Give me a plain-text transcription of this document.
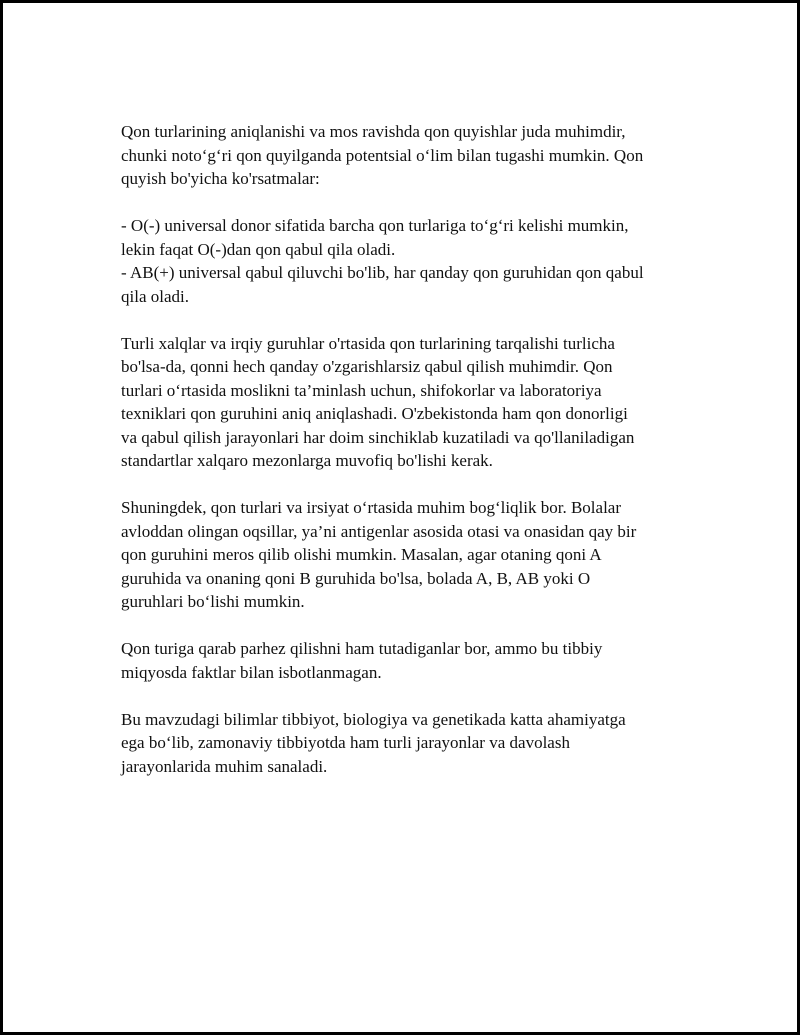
Qon turlarining aniqlanishi va mos ravishda qon quyishlar juda muhimdir,
chunki noto‘g‘ri qon quyilganda potentsial o‘lim bilan tugashi mumkin. Qon
quyish bo'yicha ko'rsatmalar:

- O(-) universal donor sifatida barcha qon turlariga to‘g‘ri kelishi mumkin,
lekin faqat O(-)dan qon qabul qila oladi.
- AB(+) universal qabul qiluvchi bo'lib, har qanday qon guruhidan qon qabul
qila oladi.

Turli xalqlar va irqiy guruhlar o'rtasida qon turlarining tarqalishi turlicha
bo'lsa-da, qonni hech qanday o'zgarishlarsiz qabul qilish muhimdir. Qon
turlari o‘rtasida moslikni ta’minlash uchun, shifokorlar va laboratoriya
texniklari qon guruhini aniq aniqlashadi. O'zbekistonda ham qon donorligi
va qabul qilish jarayonlari har doim sinchiklab kuzatiladi va qo'llaniladigan
standartlar xalqaro mezonlarga muvofiq bo'lishi kerak.

Shuningdek, qon turlari va irsiyat o‘rtasida muhim bog‘liqlik bor. Bolalar
avloddan olingan oqsillar, ya’ni antigenlar asosida otasi va onasidan qay bir
qon guruhini meros qilib olishi mumkin. Masalan, agar otaning qoni A
guruhida va onaning qoni B guruhida bo'lsa, bolada A, B, AB yoki O
guruhlari bo‘lishi mumkin.

Qon turiga qarab parhez qilishni ham tutadiganlar bor, ammo bu tibbiy
miqyosda faktlar bilan isbotlanmagan.

Bu mavzudagi bilimlar tibbiyot, biologiya va genetikada katta ahamiyatga
ega bo‘lib, zamonaviy tibbiyotda ham turli jarayonlar va davolash
jarayonlarida muhim sanaladi.
